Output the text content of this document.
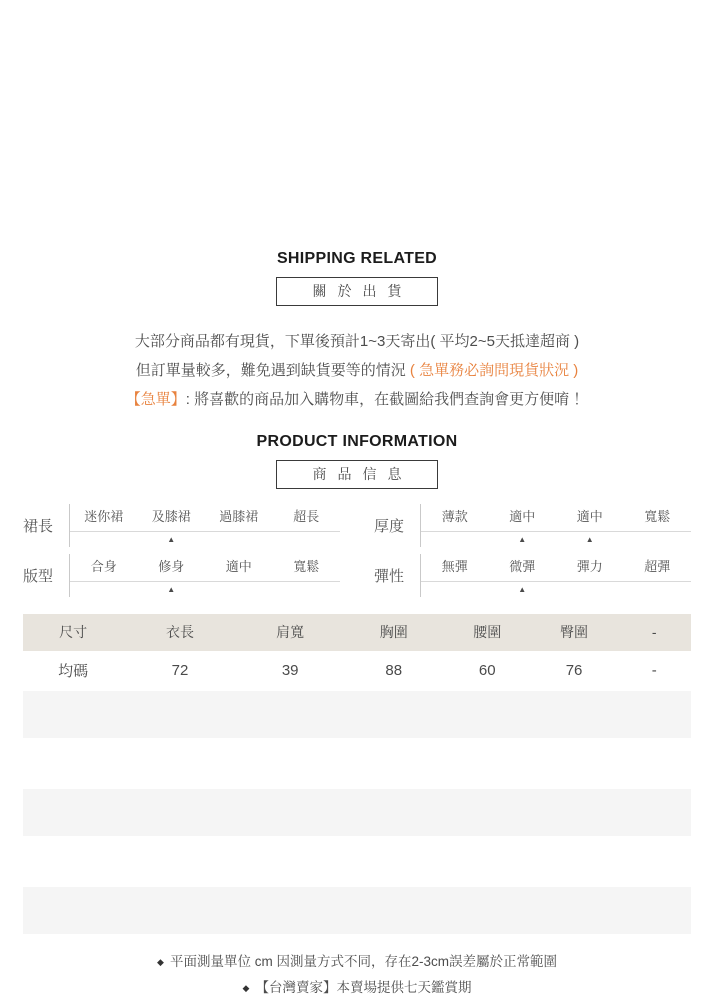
SHIPPING RELATED
關於出貨
大部分商品都有現貨，下單後預計1~3天寄出( 平均2~5天抵達超商 )
但訂單量較多，難免遇到缺貨要等的情況 ( 急單務必詢問現貨狀況 )
【急單】: 將喜歡的商品加入購物車，在截圖給我們查詢會更方便唷 ！
PRODUCT INFORMATION
商品信息
裙長
迷你裙	及膝裙	過膝裙	超長
▲
厚度
薄款	適中	適中	寬鬆
▲	▲
版型
合身	修身	適中	寬鬆
▲
彈性
無彈	微彈	彈力	超彈
▲
尺寸	衣長	肩寬	胸圍	腰圍	臀圍	-
均碼	72	39	88	60	76	-

◆ 平面測量單位 cm 因測量方式不同，存在2-3cm誤差屬於正常範圍
◆ 【台灣賣家】本賣場提供七天鑑賞期
